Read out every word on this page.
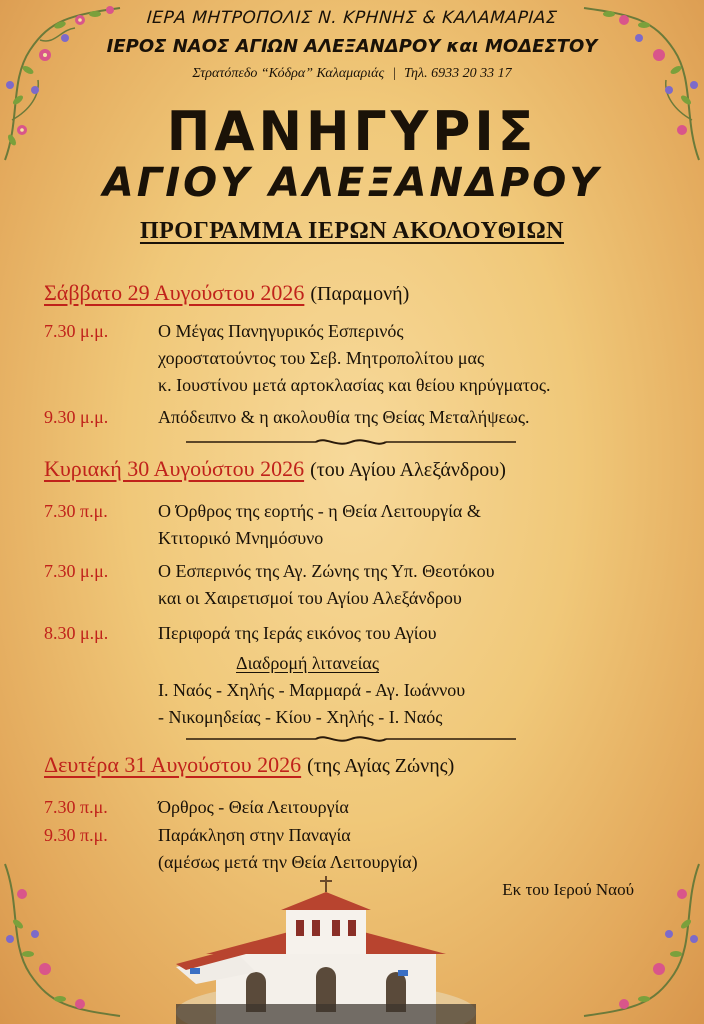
ΙΕΡΑ ΜΗΤΡΟΠΟΛΙΣ Ν. ΚΡΗΝΗΣ & ΚΑΛΑΜΑΡΙΑΣ
ΙΕΡΟΣ ΝΑΟΣ ΑΓΙΩΝ ΑΛΕΞΑΝΔΡΟΥ και ΜΟΔΕΣΤΟΥ
Στρατόπεδο “Κόδρα” Καλαμαριάς | Τηλ. 6933 20 33 17
ΠΑΝΗΓΥΡΙΣ
ΑΓΙΟΥ ΑΛΕΞΑΝΔΡΟΥ
ΠΡΟΓΡΑΜΜΑ ΙΕΡΩΝ ΑΚΟΛΟΥΘΙΩΝ
Σάββατο 29 Αυγούστου 2026 (Παραμονή)
7.30 μ.μ.	Ο Μέγας Πανηγυρικός Εσπερινός
χοροστατούντος του Σεβ. Μητροπολίτου μας
κ. Ιουστίνου μετά αρτοκλασίας και θείου κηρύγματος.
9.30 μ.μ.	Απόδειπνο & η ακολουθία της Θείας Μεταλήψεως.
Κυριακή 30 Αυγούστου 2026 (του Αγίου Αλεξάνδρου)
7.30 π.μ.	Ο Όρθρος της εορτής - η Θεία Λειτουργία &
Κτιτορικό Μνημόσυνο
7.30 μ.μ.	Ο Εσπερινός της Αγ. Ζώνης της Υπ. Θεοτόκου
και οι Χαιρετισμοί του Αγίου Αλεξάνδρου
8.30 μ.μ.	Περιφορά της Ιεράς εικόνος του Αγίου
Διαδρομή λιτανείας
Ι. Ναός - Χηλής - Μαρμαρά - Αγ. Ιωάννου
- Νικομηδείας - Κίου - Χηλής - Ι. Ναός
Δευτέρα 31 Αυγούστου 2026 (της Αγίας Ζώνης)
7.30 π.μ.	Όρθρος - Θεία Λειτουργία
9.30 π.μ.	Παράκληση στην Παναγία
(αμέσως μετά την Θεία Λειτουργία)
Εκ του Ιερού Ναού
